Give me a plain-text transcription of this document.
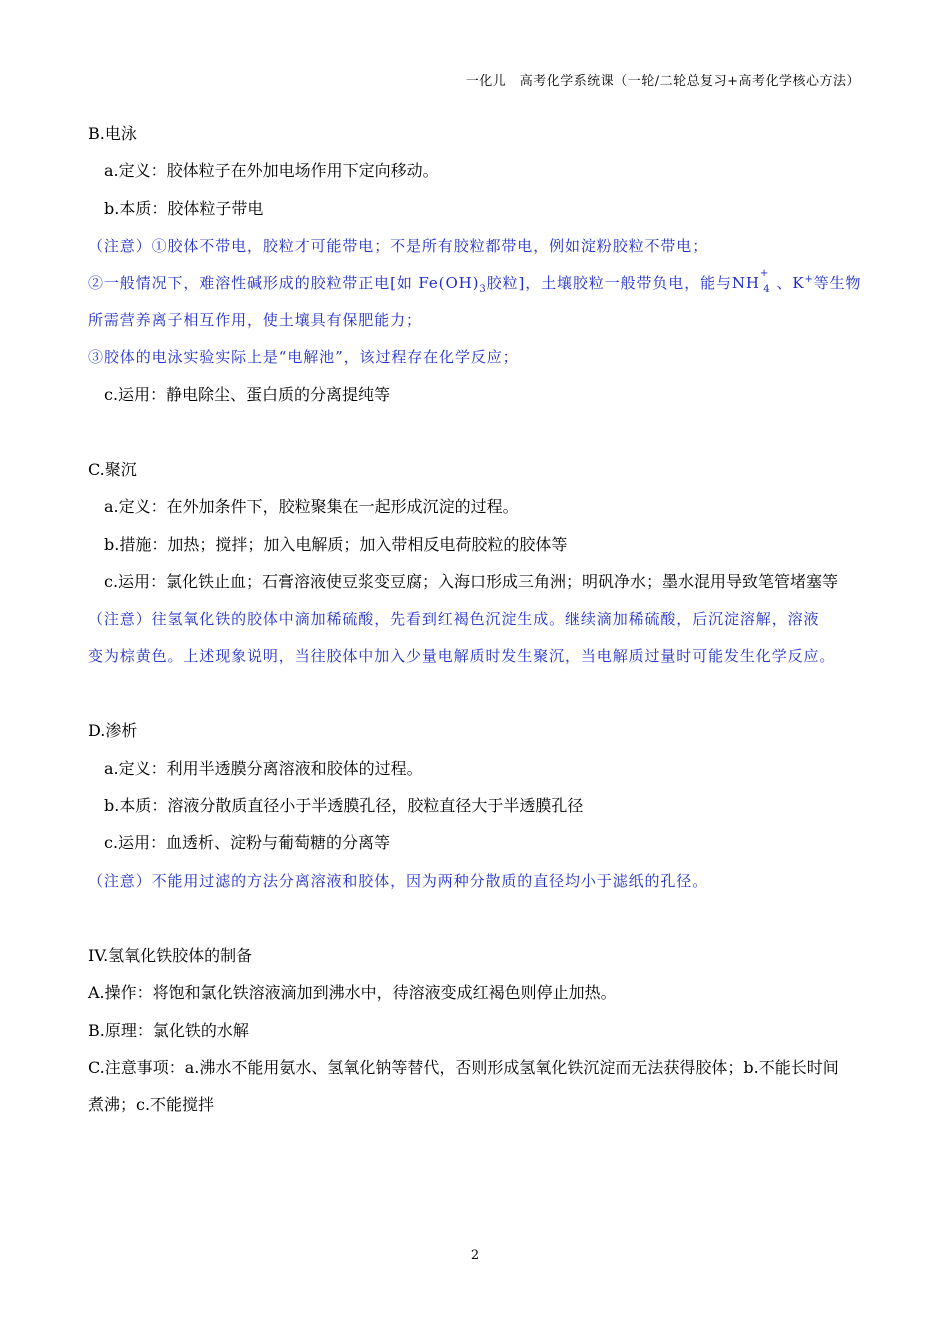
一化儿　高考化学系统课（一轮/二轮总复习+高考化学核心方法）
B.电泳
a.定义：胶体粒子在外加电场作用下定向移动。
b.本质：胶体粒子带电
（注意）①胶体不带电，胶粒才可能带电；不是所有胶粒都带电，例如淀粉胶粒不带电；
②一般情况下，难溶性碱形成的胶粒带正电[如 $Fe(OH)_3$胶粒]，土壤胶粒一般带负电，能与$NH^+_4$ 、K+等生物
所需营养离子相互作用，使土壤具有保肥能力；
③胶体的电泳实验实际上是“电解池”，该过程存在化学反应；
c.运用：静电除尘、蛋白质的分离提纯等
C.聚沉
a.定义：在外加条件下，胶粒聚集在一起形成沉淀的过程。
b.措施：加热；搅拌；加入电解质；加入带相反电荷胶粒的胶体等
c.运用：氯化铁止血；石膏溶液使豆浆变豆腐；入海口形成三角洲；明矾净水；墨水混用导致笔管堵塞等
（注意）往氢氧化铁的胶体中滴加稀硫酸，先看到红褐色沉淀生成。继续滴加稀硫酸，后沉淀溶解，溶液
变为棕黄色。上述现象说明，当往胶体中加入少量电解质时发生聚沉，当电解质过量时可能发生化学反应。
D.渗析
a.定义：利用半透膜分离溶液和胶体的过程。
b.本质：溶液分散质直径小于半透膜孔径，胶粒直径大于半透膜孔径
c.运用：血透析、淀粉与葡萄糖的分离等
（注意）不能用过滤的方法分离溶液和胶体，因为两种分散质的直径均小于滤纸的孔径。
IV.氢氧化铁胶体的制备
A.操作：将饱和氯化铁溶液滴加到沸水中，待溶液变成红褐色则停止加热。
B.原理：氯化铁的水解
C.注意事项：a.沸水不能用氨水、氢氧化钠等替代，否则形成氢氧化铁沉淀而无法获得胶体；b.不能长时间
煮沸；c.不能搅拌
2
